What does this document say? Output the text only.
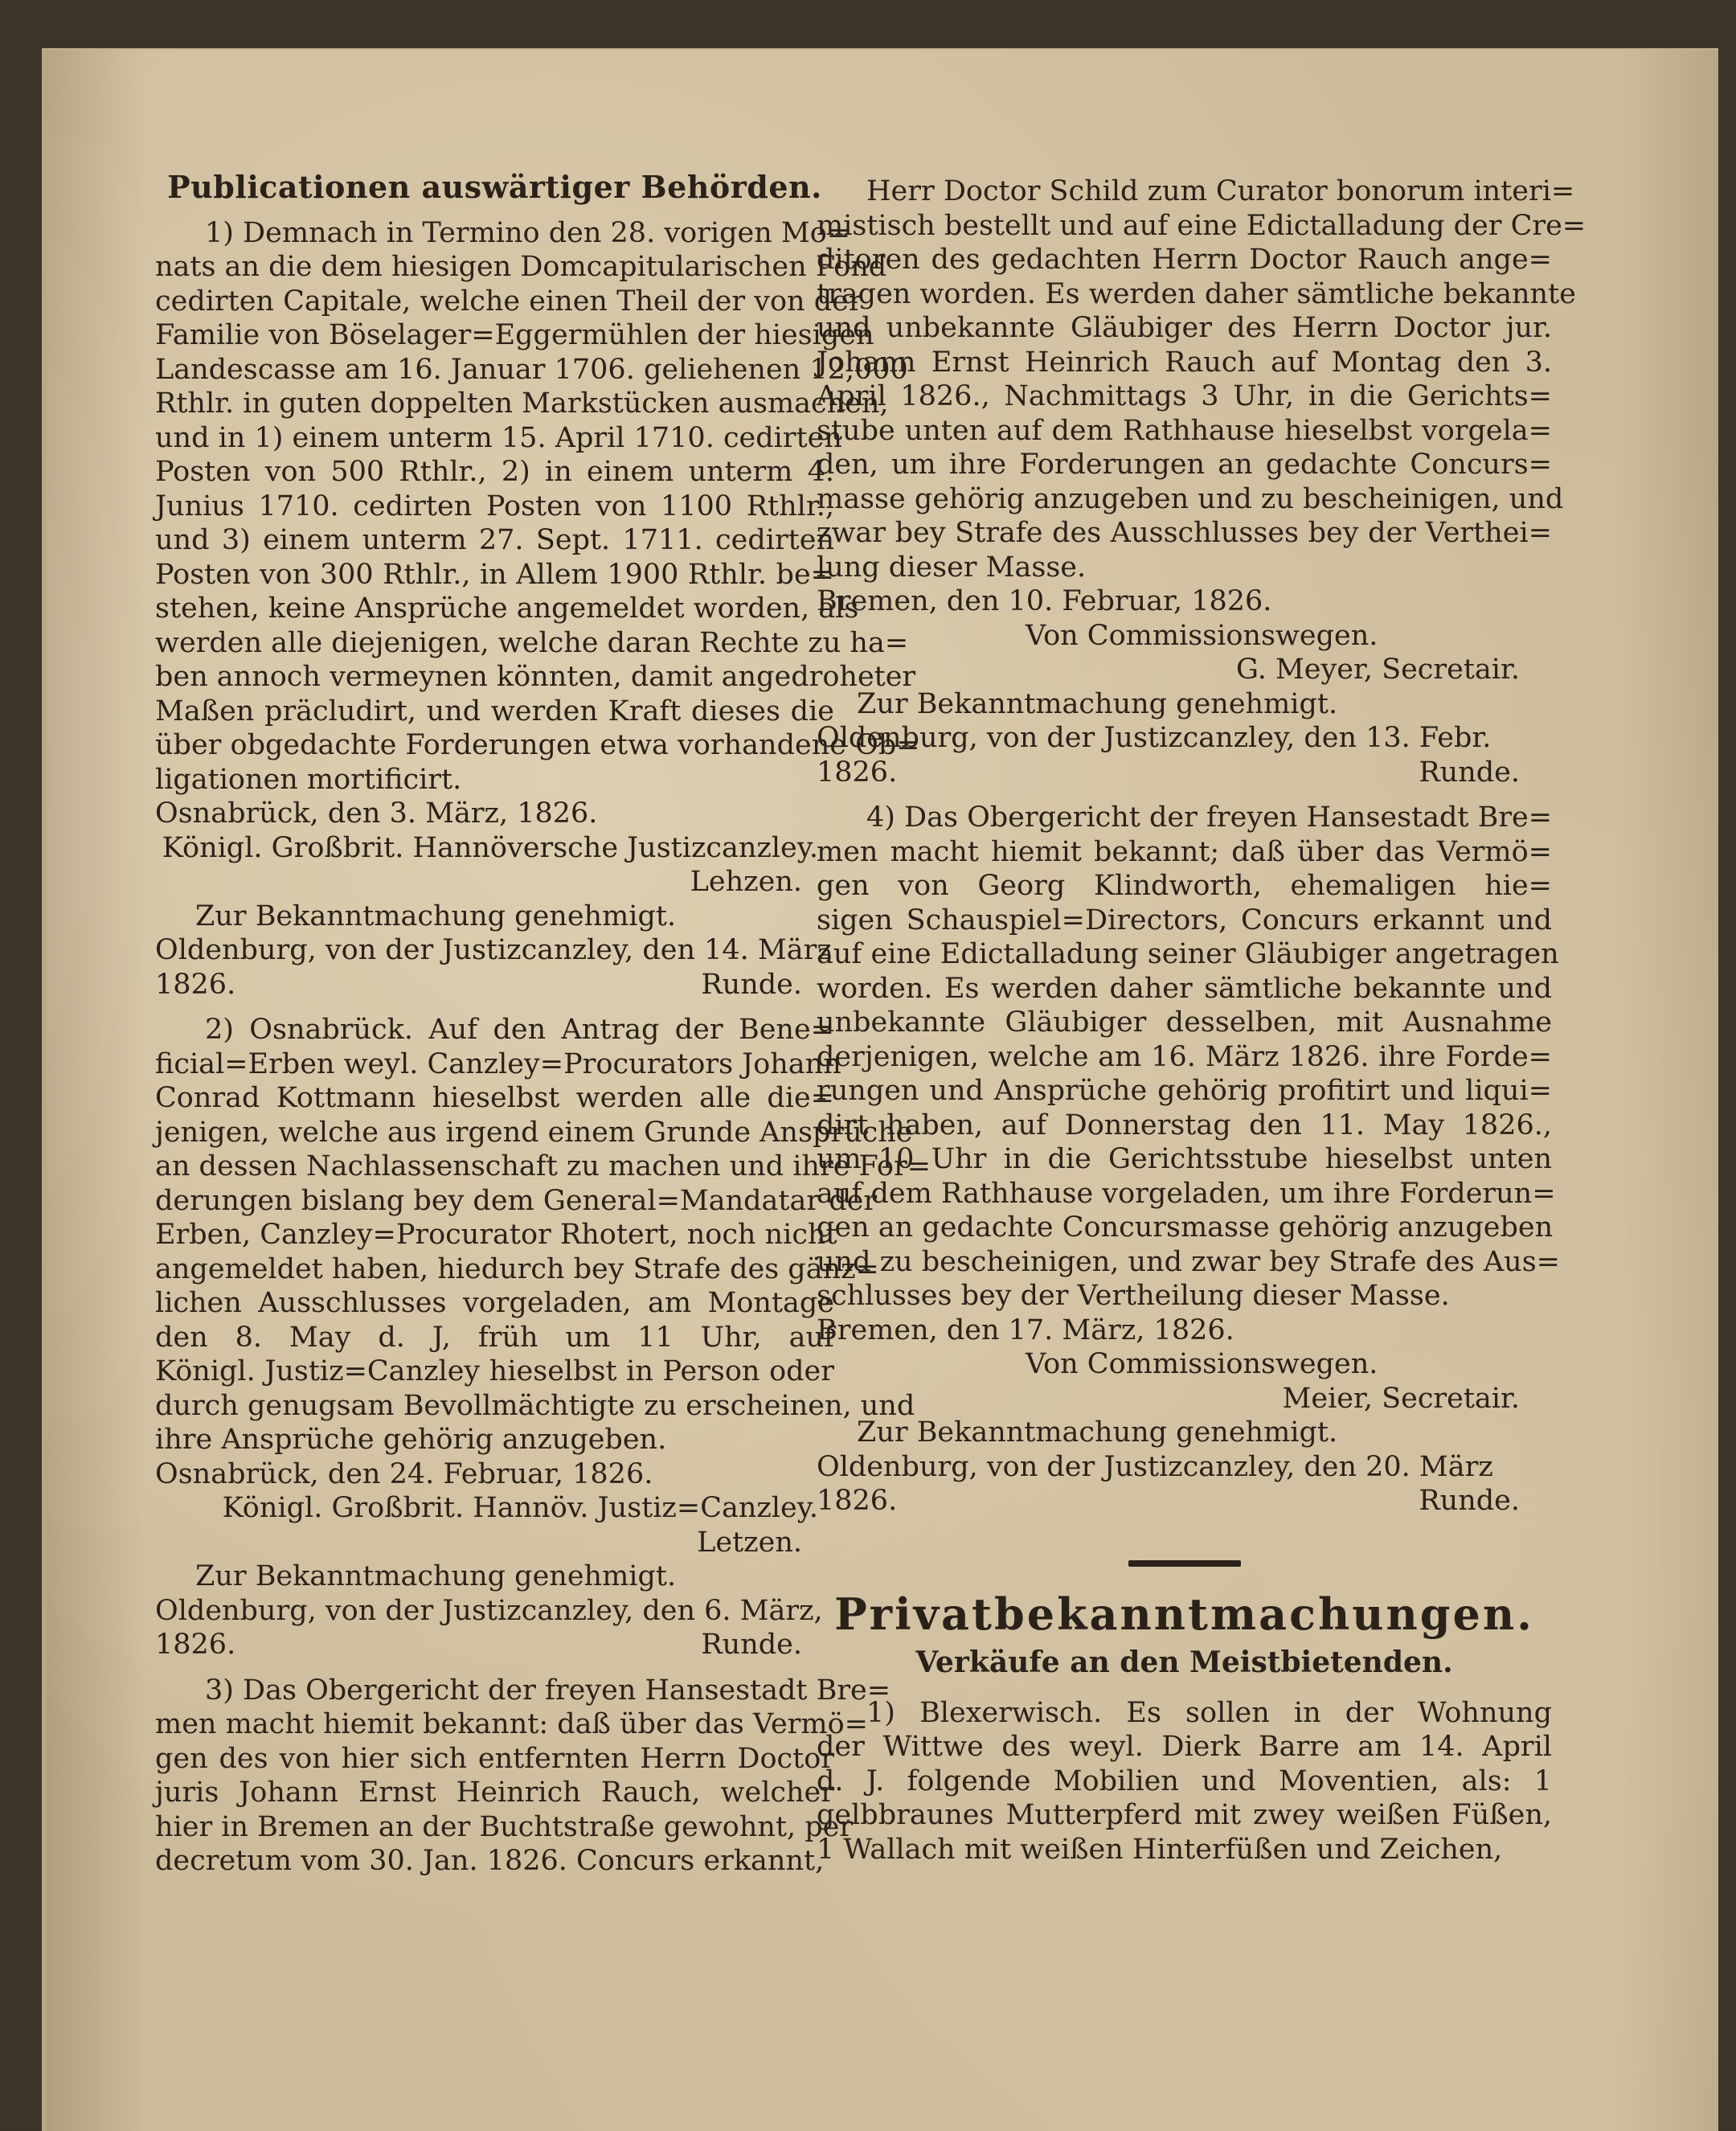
Publicationen auswärtiger Behörden.
1) Demnach in Termino den 28. vorigen Mo=
nats an die dem hiesigen Domcapitularischen Fond
cedirten Capitale, welche einen Theil der von der
Familie von Böselager=Eggermühlen der hiesigen
Landescasse am 16. Januar 1706. geliehenen 12,000
Rthlr. in guten doppelten Markstücken ausmachen,
und in 1) einem unterm 15. April 1710. cedirten
Posten von 500 Rthlr., 2) in einem unterm 4.
Junius 1710. cedirten Posten von 1100 Rthlr.,
und 3) einem unterm 27. Sept. 1711. cedirten
Posten von 300 Rthlr., in Allem 1900 Rthlr. be=
stehen, keine Ansprüche angemeldet worden, als
werden alle diejenigen, welche daran Rechte zu ha=
ben annoch vermeynen könnten, damit angedroheter
Maßen präcludirt, und werden Kraft dieses die
über obgedachte Forderungen etwa vorhandene Ob=
ligationen mortificirt.

Osnabrück, den 3. März, 1826.

Königl. Großbrit. Hannöversche Justizcanzley.

Lehzen.

Zur Bekanntmachung genehmigt.

Oldenburg, von der Justizcanzley, den 14. März

1826.	Runde.
2) Osnabrück. Auf den Antrag der Bene=
ficial=Erben weyl. Canzley=Procurators Johann
Conrad Kottmann hieselbst werden alle die=
jenigen, welche aus irgend einem Grunde Ansprüche
an dessen Nachlassenschaft zu machen und ihre For=
derungen bislang bey dem General=Mandatar der
Erben, Canzley=Procurator Rhotert, noch nicht
angemeldet haben, hiedurch bey Strafe des gänz=
lichen Ausschlusses vorgeladen, am Montage
den 8. May d. J, früh um 11 Uhr, auf
Königl. Justiz=Canzley hieselbst in Person oder
durch genugsam Bevollmächtigte zu erscheinen, und
ihre Ansprüche gehörig anzugeben.

Osnabrück, den 24. Februar, 1826.

Königl. Großbrit. Hannöv. Justiz=Canzley.

Letzen.

Zur Bekanntmachung genehmigt.

Oldenburg, von der Justizcanzley, den 6. März,

1826.	Runde.
3) Das Obergericht der freyen Hansestadt Bre=
men macht hiemit bekannt: daß über das Vermö=
gen des von hier sich entfernten Herrn Doctor
juris Johann Ernst Heinrich Rauch, welcher
hier in Bremen an der Buchtstraße gewohnt, per
decretum vom 30. Jan. 1826. Concurs erkannt,
Herr Doctor Schild zum Curator bonorum interi=
mistisch bestellt und auf eine Edictalladung der Cre=
ditoren des gedachten Herrn Doctor Rauch ange=
tragen worden. Es werden daher sämtliche bekannte
und unbekannte Gläubiger des Herrn Doctor jur.
Johann Ernst Heinrich Rauch auf Montag den 3.
April 1826., Nachmittags 3 Uhr, in die Gerichts=
stube unten auf dem Rathhause hieselbst vorgela=
den, um ihre Forderungen an gedachte Concurs=
masse gehörig anzugeben und zu bescheinigen, und
zwar bey Strafe des Ausschlusses bey der Verthei=
lung dieser Masse.

Bremen, den 10. Februar, 1826.

Von Commissionswegen.

G. Meyer, Secretair.

Zur Bekanntmachung genehmigt.

Oldenburg, von der Justizcanzley, den 13. Febr.

1826.	Runde.
4) Das Obergericht der freyen Hansestadt Bre=
men macht hiemit bekannt; daß über das Vermö=
gen von Georg Klindworth, ehemaligen hie=
sigen Schauspiel=Directors, Concurs erkannt und
auf eine Edictalladung seiner Gläubiger angetragen
worden. Es werden daher sämtliche bekannte und
unbekannte Gläubiger desselben, mit Ausnahme
derjenigen, welche am 16. März 1826. ihre Forde=
rungen und Ansprüche gehörig profitirt und liqui=
dirt haben, auf Donnerstag den 11. May 1826.,
um 10 Uhr in die Gerichtsstube hieselbst unten
auf dem Rathhause vorgeladen, um ihre Forderun=
gen an gedachte Concursmasse gehörig anzugeben
und zu bescheinigen, und zwar bey Strafe des Aus=
schlusses bey der Vertheilung dieser Masse.

Bremen, den 17. März, 1826.

Von Commissionswegen.

Meier, Secretair.

Zur Bekanntmachung genehmigt.

Oldenburg, von der Justizcanzley, den 20. März

1826.	Runde.
Privatbekanntmachungen.
Verkäufe an den Meistbietenden.
1) Blexerwisch. Es sollen in der Wohnung
der Wittwe des weyl. Dierk Barre am 14. April
d. J. folgende Mobilien und Moventien, als: 1
gelbbraunes Mutterpferd mit zwey weißen Füßen,
1 Wallach mit weißen Hinterfüßen und Zeichen,
